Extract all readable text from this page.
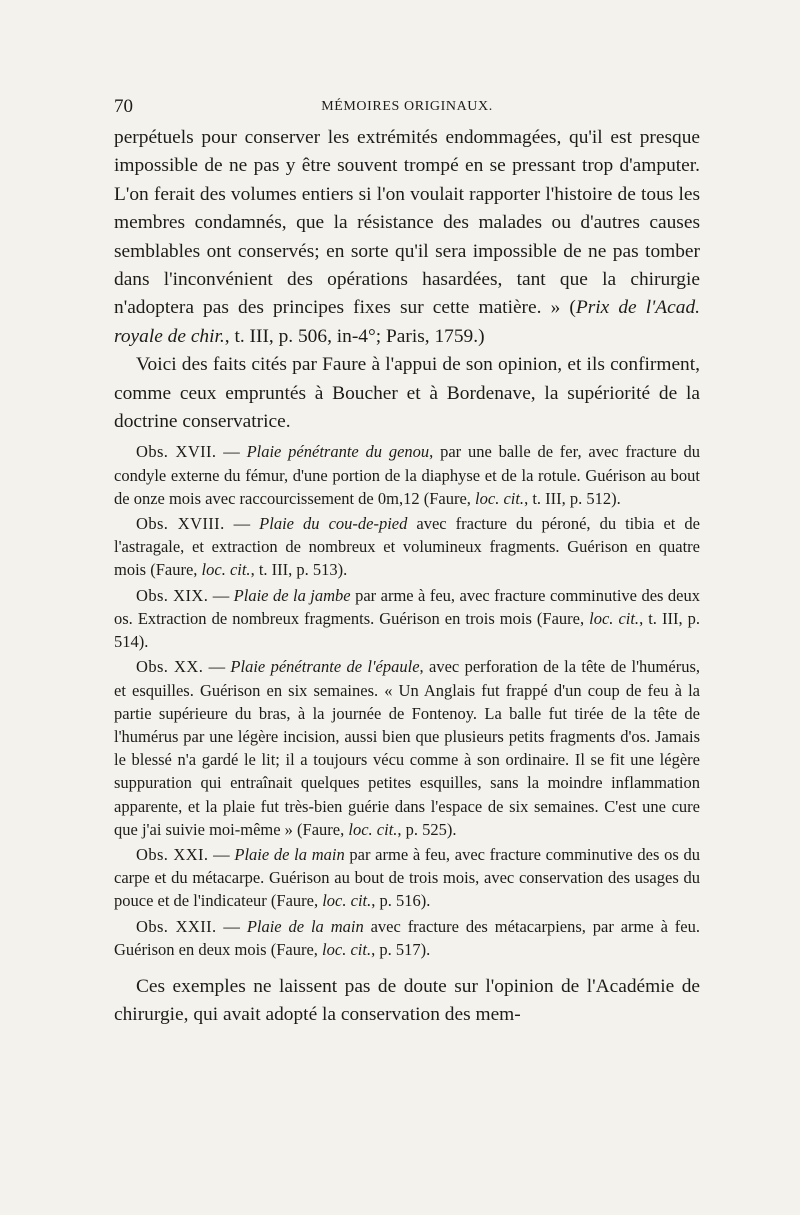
70	MÉMOIRES ORIGINAUX.

perpétuels pour conserver les extrémités endommagées, qu'il est presque impossible de ne pas y être souvent trompé en se pressant trop d'amputer. L'on ferait des volumes entiers si l'on voulait rapporter l'histoire de tous les membres condamnés, que la résistance des malades ou d'autres causes semblables ont conservés; en sorte qu'il sera impossible de ne pas tomber dans l'inconvénient des opérations hasardées, tant que la chirurgie n'adoptera pas des principes fixes sur cette matière. » (Prix de l'Acad. royale de chir., t. III, p. 506, in-4°; Paris, 1759.)

Voici des faits cités par Faure à l'appui de son opinion, et ils confirment, comme ceux empruntés à Boucher et à Bordenave, la supériorité de la doctrine conservatrice.

Obs. XVII. — Plaie pénétrante du genou, par une balle de fer, avec fracture du condyle externe du fémur, d'une portion de la diaphyse et de la rotule. Guérison au bout de onze mois avec raccourcissement de 0m,12 (Faure, loc. cit., t. III, p. 512).

Obs. XVIII. — Plaie du cou-de-pied avec fracture du péroné, du tibia et de l'astragale, et extraction de nombreux et volumineux fragments. Guérison en quatre mois (Faure, loc. cit., t. III, p. 513).

Obs. XIX. — Plaie de la jambe par arme à feu, avec fracture comminutive des deux os. Extraction de nombreux fragments. Guérison en trois mois (Faure, loc. cit., t. III, p. 514).

Obs. XX. — Plaie pénétrante de l'épaule, avec perforation de la tête de l'humérus, et esquilles. Guérison en six semaines. « Un Anglais fut frappé d'un coup de feu à la partie supérieure du bras, à la journée de Fontenoy. La balle fut tirée de la tête de l'humérus par une légère incision, aussi bien que plusieurs petits fragments d'os. Jamais le blessé n'a gardé le lit; il a toujours vécu comme à son ordinaire. Il se fit une légère suppuration qui entraînait quelques petites esquilles, sans la moindre inflammation apparente, et la plaie fut très-bien guérie dans l'espace de six semaines. C'est une cure que j'ai suivie moi-même » (Faure, loc. cit., p. 525).

Obs. XXI. — Plaie de la main par arme à feu, avec fracture comminutive des os du carpe et du métacarpe. Guérison au bout de trois mois, avec conservation des usages du pouce et de l'indicateur (Faure, loc. cit., p. 516).

Obs. XXII. — Plaie de la main avec fracture des métacarpiens, par arme à feu. Guérison en deux mois (Faure, loc. cit., p. 517).

Ces exemples ne laissent pas de doute sur l'opinion de l'Académie de chirurgie, qui avait adopté la conservation des mem-
